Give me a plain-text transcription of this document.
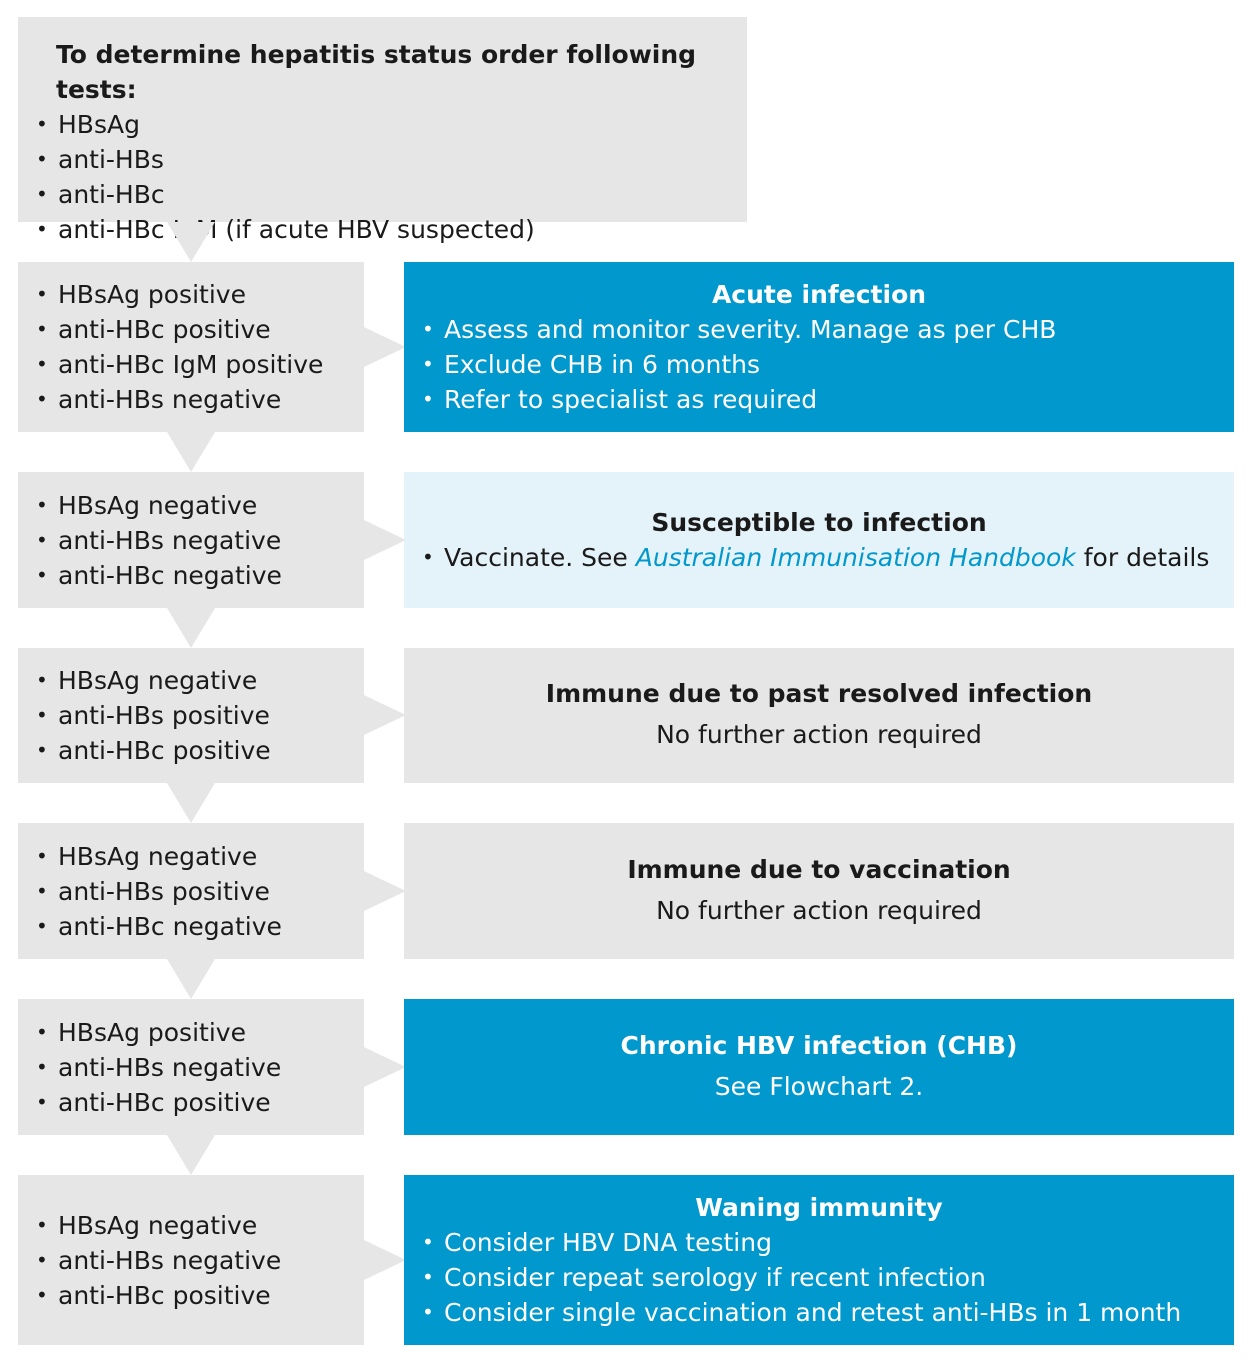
To determine hepatitis status order following tests:
• HBsAg
• anti-HBs
• anti-HBc
• anti-HBc IgM (if acute HBV suspected)
• HBsAg positive
• anti-HBc positive
• anti-HBc IgM positive
• anti-HBs negative
Acute infection
• Assess and monitor severity. Manage as per CHB
• Exclude CHB in 6 months
• Refer to specialist as required
• HBsAg negative
• anti-HBs negative
• anti-HBc negative
Susceptible to infection
• Vaccinate. See Australian Immunisation Handbook for details
• HBsAg negative
• anti-HBs positive
• anti-HBc positive
Immune due to past resolved infection
No further action required
• HBsAg negative
• anti-HBs positive
• anti-HBc negative
Immune due to vaccination
No further action required
• HBsAg positive
• anti-HBs negative
• anti-HBc positive
Chronic HBV infection (CHB)
See Flowchart 2.
• HBsAg negative
• anti-HBs negative
• anti-HBc positive
Waning immunity
• Consider HBV DNA testing
• Consider repeat serology if recent infection
• Consider single vaccination and retest anti-HBs in 1 month
